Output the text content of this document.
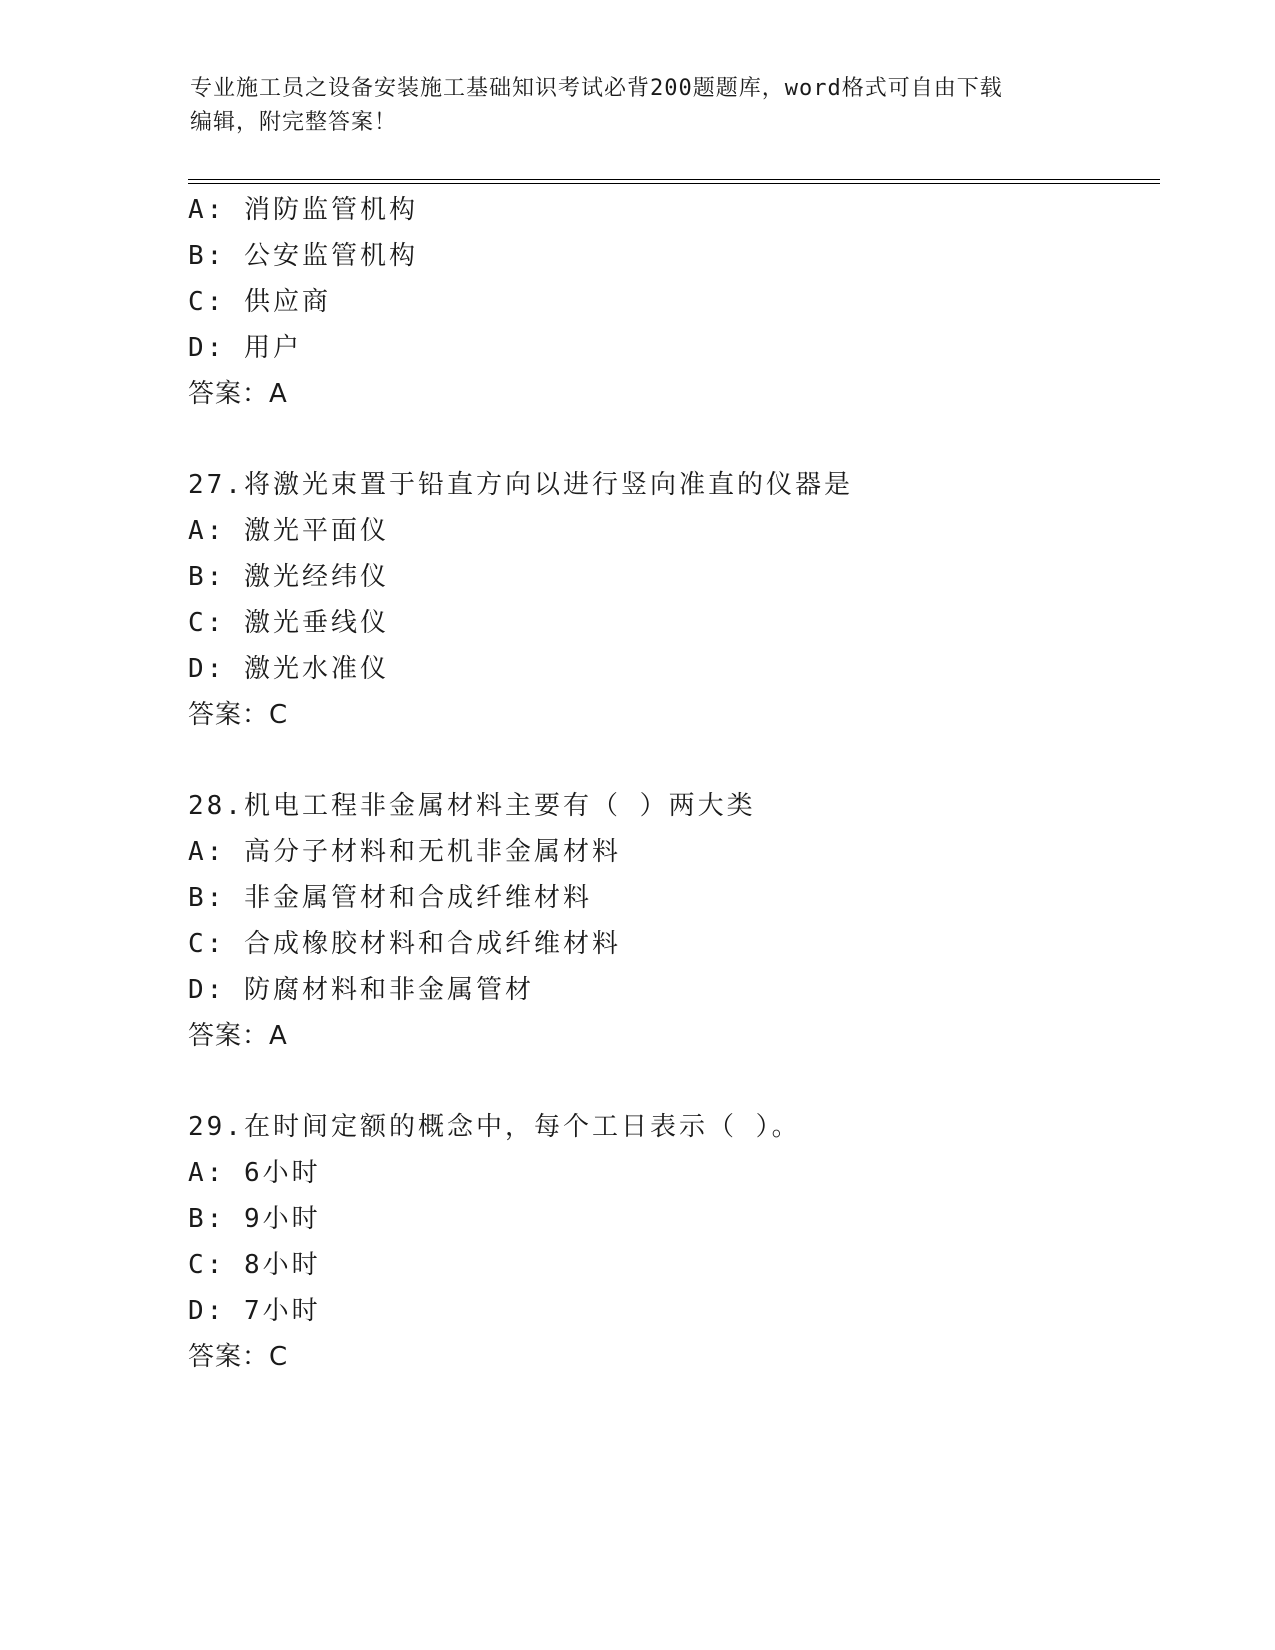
专业施工员之设备安装施工基础知识考试必背200题题库，word格式可自由下载
编辑，附完整答案！
A: 消防监管机构
B: 公安监管机构
C: 供应商
D: 用户
答案：A
27.将激光束置于铅直方向以进行竖向准直的仪器是
A: 激光平面仪
B: 激光经纬仪
C: 激光垂线仪
D: 激光水准仪
答案：C
28.机电工程非金属材料主要有（ ）两大类
A: 高分子材料和无机非金属材料
B: 非金属管材和合成纤维材料
C: 合成橡胶材料和合成纤维材料
D: 防腐材料和非金属管材
答案：A
29.在时间定额的概念中，每个工日表示（ ）。
A: 6小时
B: 9小时
C: 8小时
D: 7小时
答案：C
